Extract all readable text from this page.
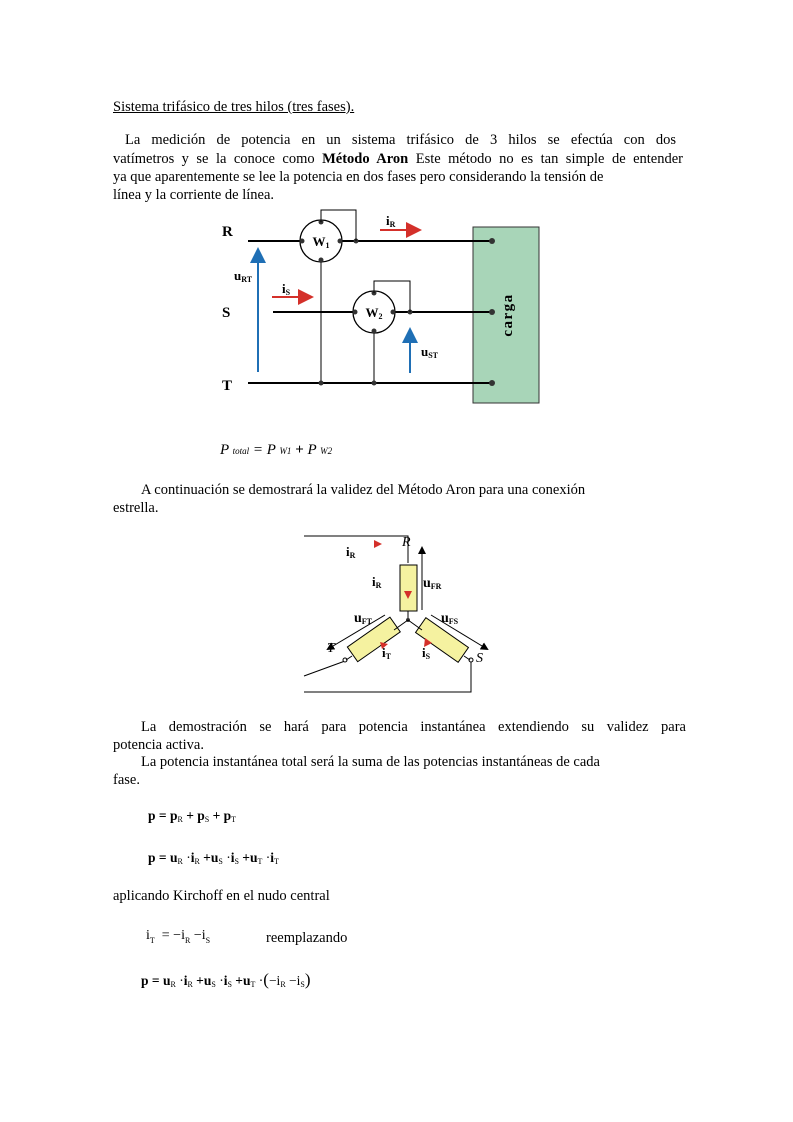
Sistema trifásico de tres hilos (tres fases).
La medición de potencia en un sistema trifásico de 3 hilos se efectúa con dos
vatímetros y se la conoce como Método Aron Este método no es tan simple de entender
ya que aparentemente se lee la potencia en dos fases pero considerando la tensión de
línea y la corriente de línea.
carga
W1
W2
R
S
T
iR
iS
uRT
uST
P total = P W1 + P W2
A continuación se demostrará la validez del Método Aron para una conexión
estrella.
R
S
T
iR
iR	uFR
uFT	uFS
iT iS
La demostración se hará para potencia instantánea extendiendo su validez para
potencia activa.
La potencia instantánea total será la suma de las potencias instantáneas de cada
fase.
$p = p_R + p_S + p_T$
$p = u_R \cdot i_R +u_S \cdot i_S +u_T \cdot i_T$
aplicando Kirchoff en el nudo central
$i_T = -i_R -i_S$	reemplazando
$p = u_R \cdot i_R +u_S \cdot i_S +u_T \cdot(-i_R -i_S)$
